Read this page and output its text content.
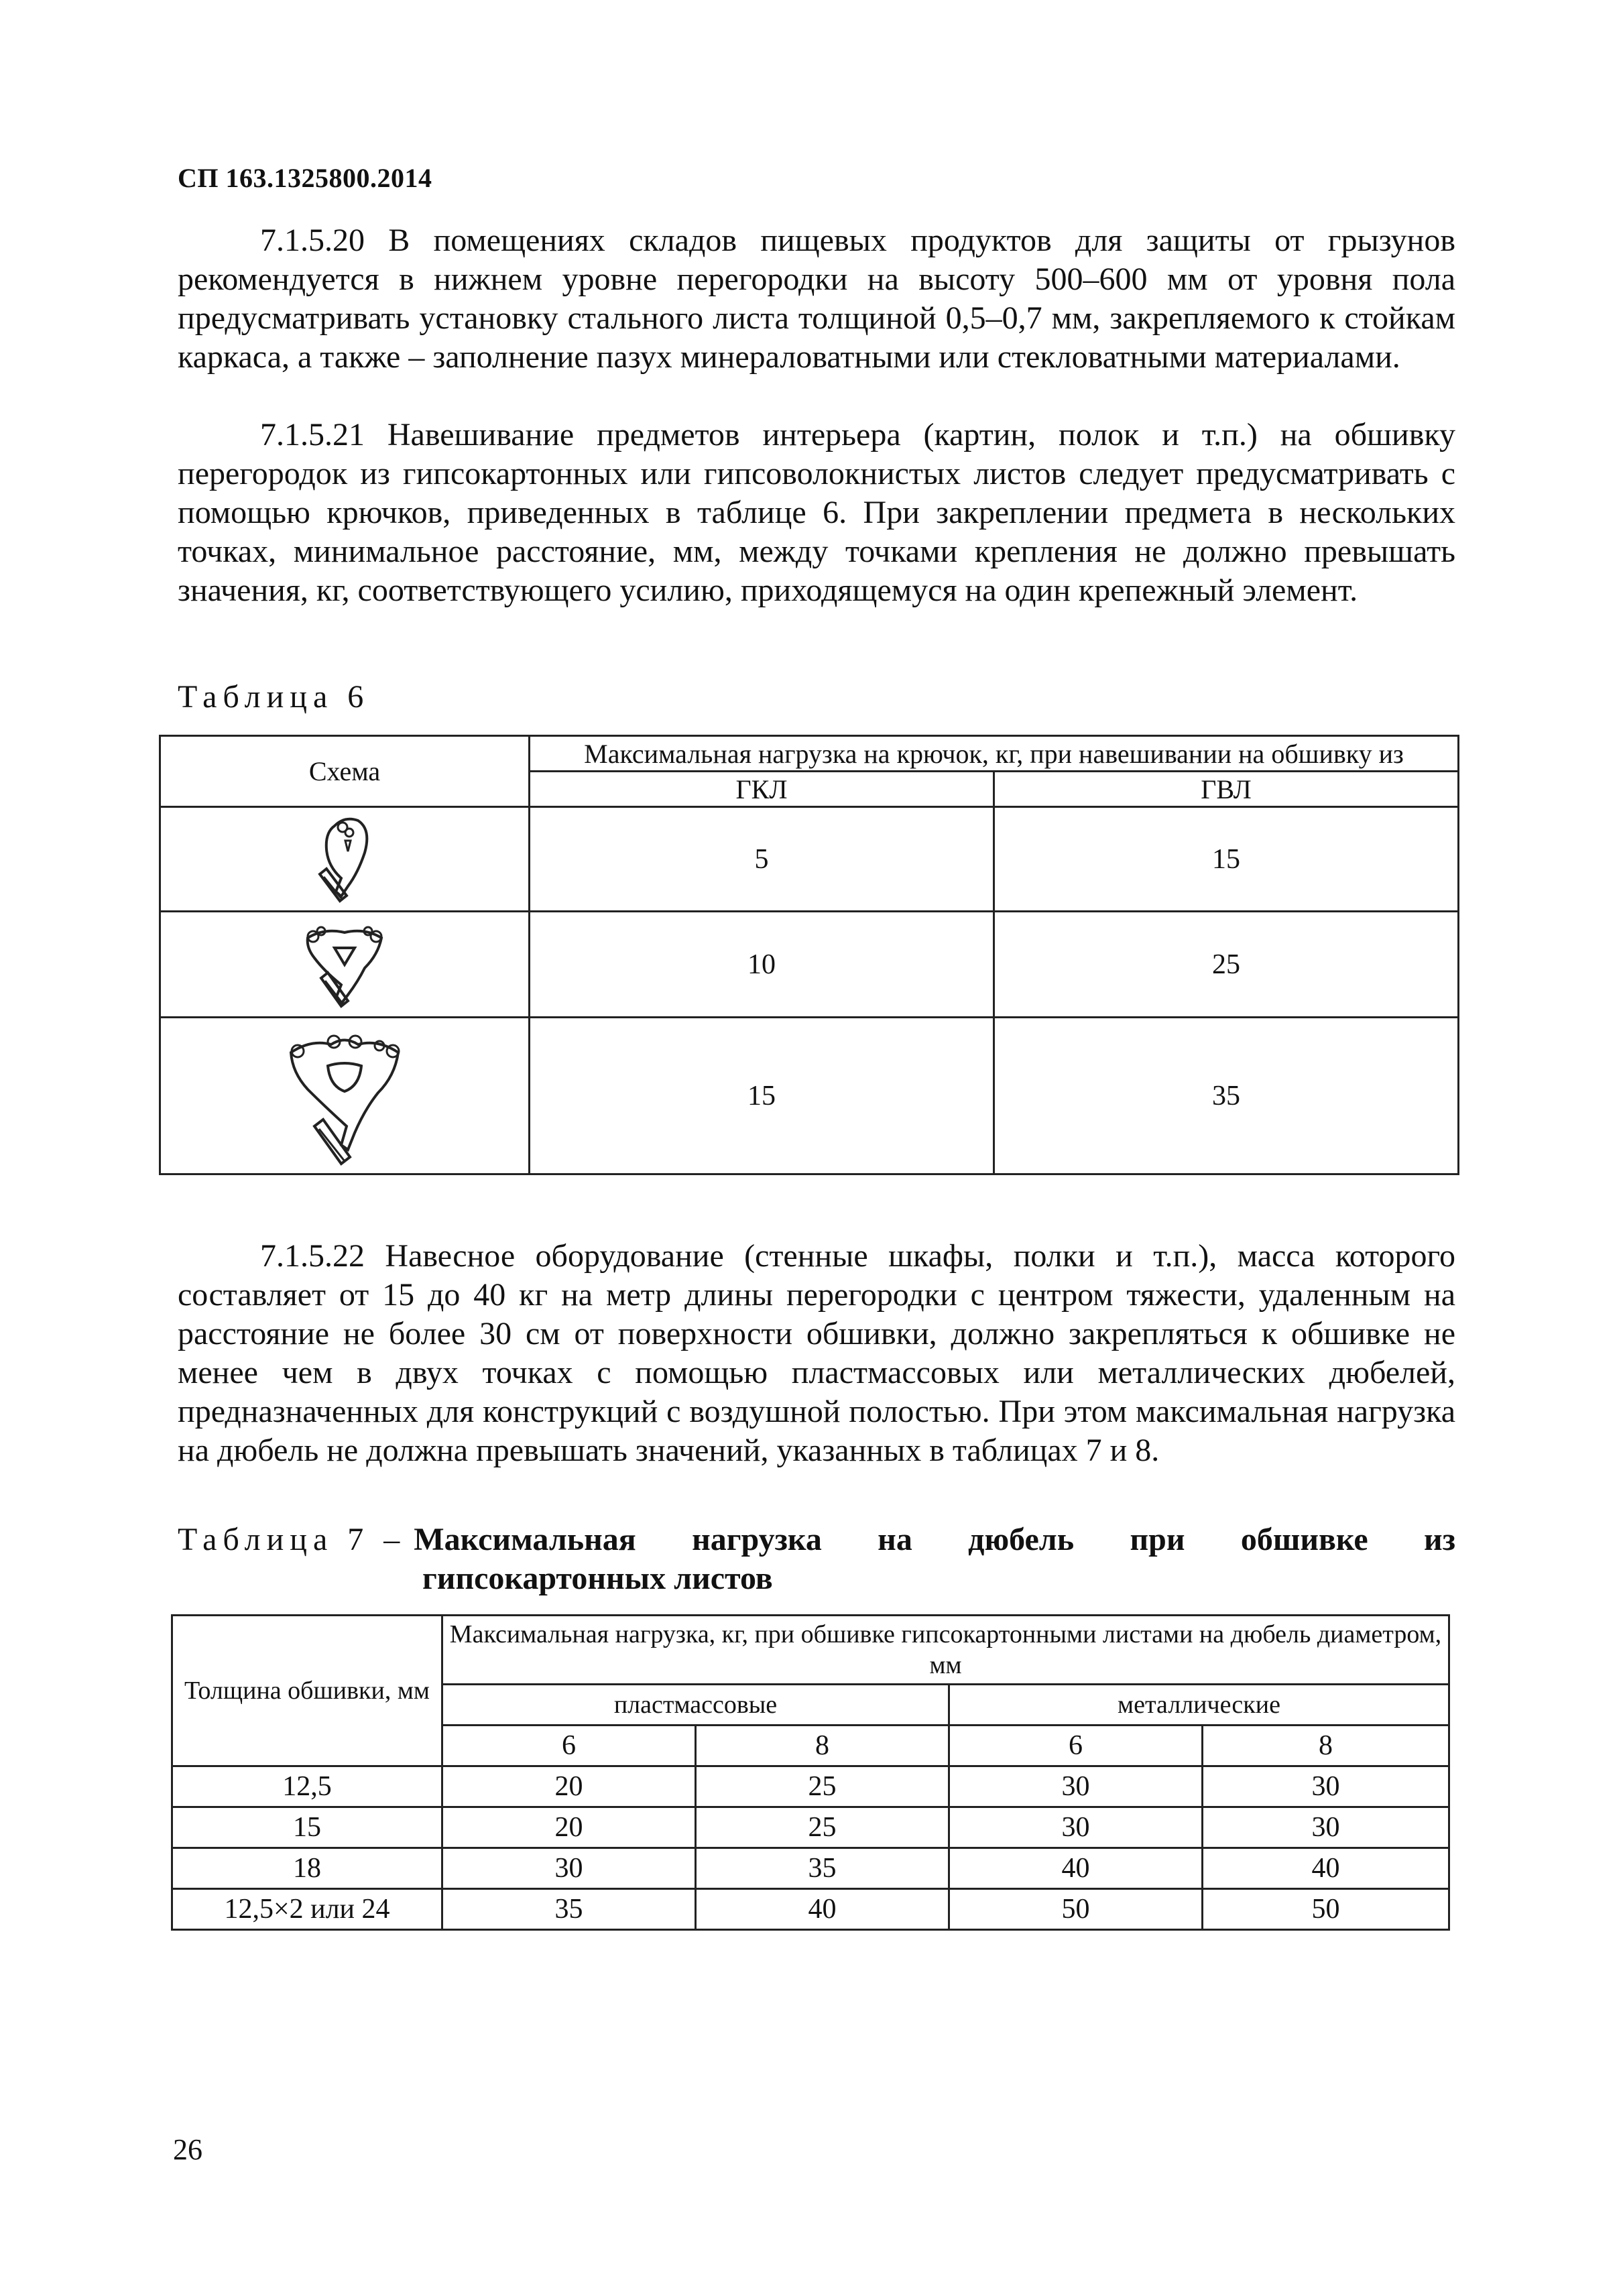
СП 163.1325800.2014

7.1.5.20 В помещениях складов пищевых продуктов для защиты от грызунов рекомендуется в нижнем уровне перегородки на высоту 500–600 мм от уровня пола предусматривать установку стального листа толщиной 0,5–0,7 мм, закрепляемого к стойкам каркаса, а также – заполнение пазух минераловатными или стекловатными материалами.

7.1.5.21 Навешивание предметов интерьера (картин, полок и т.п.) на обшивку перегородок из гипсокартонных или гипсоволокнистых листов следует предусматривать с помощью крючков, приведенных в таблице 6. При закреплении предмета в нескольких точках, минимальное расстояние, мм, между точками крепления не должно превышать значения, кг, соответствующего усилию, приходящемуся на один крепежный элемент.

Таблица 6
Схема	Максимальная нагрузка на крючок, кг, при навешивании на обшивку из	
	ГКЛ	ГВЛ

	5	15

	10	25

	15	35

7.1.5.22 Навесное оборудование (стенные шкафы, полки и т.п.), масса которого составляет от 15 до 40 кг на метр длины перегородки с центром тяжести, удаленным на расстояние не более 30 см от поверхности обшивки, должно закрепляться к обшивке не менее чем в двух точках с помощью пластмассовых или металлических дюбелей, предназначенных для конструкций с воздушной полостью. При этом максимальная нагрузка на дюбель не должна превышать значений, указанных в таблицах 7 и 8.

Таблица 7 – Максимальная нагрузка на дюбель при обшивке из
гипсокартонных листов
Толщина обшивки, мм	Максимальная нагрузка, кг, при обшивке гипсокартонными листами на дюбель диаметром, мм			
	пластмассовые		металлические	
	6	8	6	8
12,5	20	25	30	30
15	20	25	30	30
18	30	35	40	40
12,5×2 или 24	35	40	50	50
26
